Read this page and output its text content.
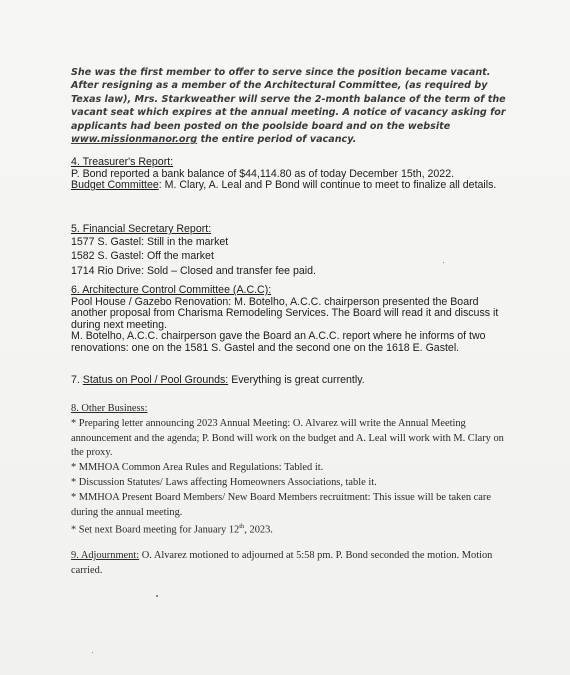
She was the first member to offer to serve since the position became vacant. After resigning as a member of the Architectural Committee, (as required by Texas law), Mrs. Starkweather will serve the 2-month balance of the term of the vacant seat which expires at the annual meeting. A notice of vacancy asking for applicants had been posted on the poolside board and on the website www.missionmanor.org the entire period of vacancy.
4. Treasurer's Report:
P. Bond reported a bank balance of $44,114.80 as of today December 15th, 2022.
Budget Committee: M. Clary, A. Leal and P Bond will continue to meet to finalize all details.
5. Financial Secretary Report:
1577 S. Gastel: Still in the market
1582 S. Gastel: Off the market
1714 Rio Drive: Sold – Closed and transfer fee paid.
6. Architecture Control Committee (A.C.C):
Pool House / Gazebo Renovation: M. Botelho, A.C.C. chairperson presented the Board another proposal from Charisma Remodeling Services. The Board will read it and discuss it during next meeting.
M. Botelho, A.C.C. chairperson gave the Board an A.C.C. report where he informs of two renovations: one on the 1581 S. Gastel and the second one on the 1618 E. Gastel.
7. Status on Pool / Pool Grounds: Everything is great currently.
8. Other Business:
* Preparing letter announcing 2023 Annual Meeting: O. Alvarez will write the Annual Meeting announcement and the agenda; P. Bond will work on the budget and A. Leal will work with M. Clary on the proxy.
* MMHOA Common Area Rules and Regulations: Tabled it.
* Discussion Statutes/ Laws affecting Homeowners Associations, table it.
* MMHOA Present Board Members/ New Board Members recruitment: This issue will be taken care during the annual meeting.
* Set next Board meeting for January 12th, 2023.
9. Adjournment: O. Alvarez motioned to adjourned at 5:58 pm. P. Bond seconded the motion. Motion carried.
